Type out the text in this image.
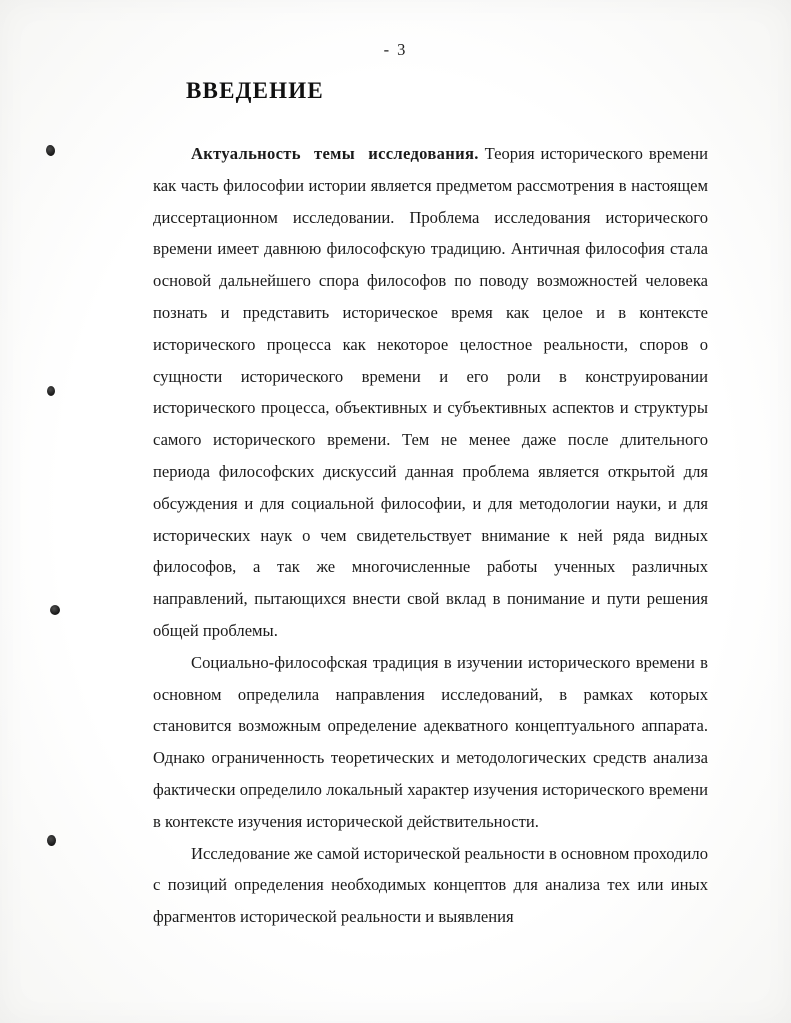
- 3
ВВЕДЕНИЕ

Актуальность темы исследования. Теория исторического времени как часть философии истории является предметом рассмотрения в настоящем диссертационном исследовании. Проблема исследования исторического времени имеет давнюю философскую традицию. Античная философия стала основой дальнейшего спора философов по поводу возможностей человека познать и представить историческое время как целое и в контексте исторического процесса как некоторое целостное реальности, споров о сущности исторического времени и его роли в конструировании исторического процесса, объективных и субъективных аспектов и структуры самого исторического времени. Тем не менее даже после длительного периода философских дискуссий данная проблема является открытой для обсуждения и для социальной философии, и для методологии науки, и для исторических наук о чем свидетельствует внимание к ней ряда видных философов, а так же многочисленные работы ученных различных направлений, пытающихся внести свой вклад в понимание и пути решения общей проблемы.

Социально-философская традиция в изучении исторического времени в основном определила направления исследований, в рамках которых становится возможным определение адекватного концептуального аппарата. Однако ограниченность теоретических и методологических средств анализа фактически определило локальный характер изучения исторического времени в контексте изучения исторической действительности.

Исследование же самой исторической реальности в основном проходило с позиций определения необходимых концептов для анализа тех или иных фрагментов исторической реальности и выявления
